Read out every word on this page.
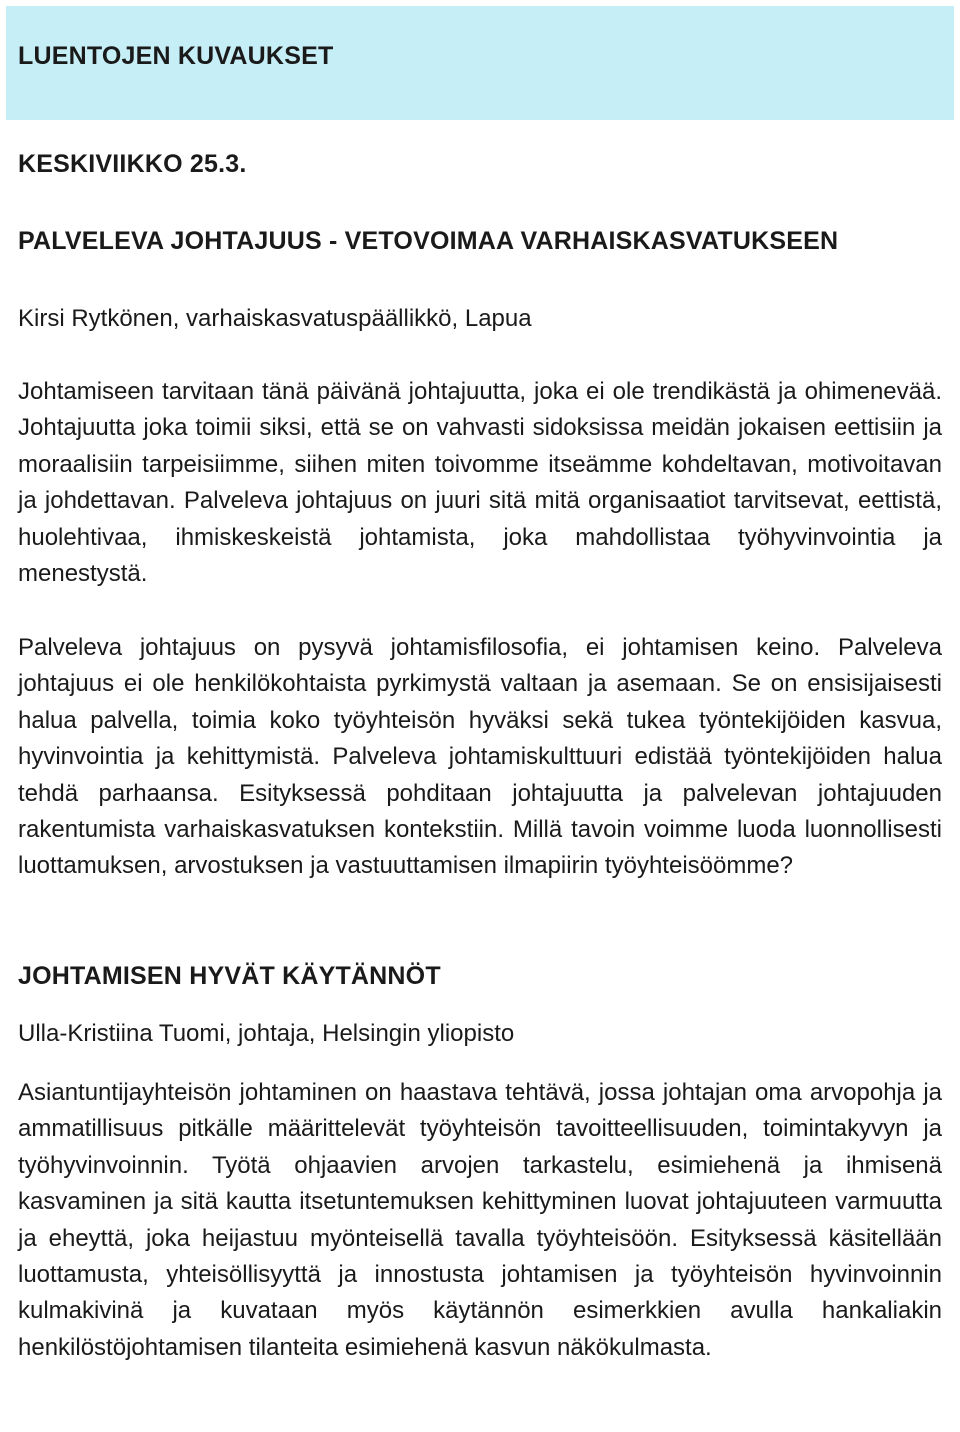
LUENTOJEN KUVAUKSET
KESKIVIIKKO 25.3.
PALVELEVA JOHTAJUUS - VETOVOIMAA VARHAISKASVATUKSEEN
Kirsi Rytkönen, varhaiskasvatuspäällikkö, Lapua

Johtamiseen tarvitaan tänä päivänä johtajuutta, joka ei ole trendikästä ja ohimenevää. Johtajuutta joka toimii siksi, että se on vahvasti sidoksissa meidän jokaisen eettisiin ja moraalisiin tarpeisiimme, siihen miten toivomme itseämme kohdeltavan, motivoitavan ja johdettavan. Palveleva johtajuus on juuri sitä mitä organisaatiot tarvitsevat, eettistä, huolehtivaa, ihmiskeskeistä johtamista, joka mahdollistaa työhyvinvointia ja menestystä.

Palveleva johtajuus on pysyvä johtamisfilosofia, ei johtamisen keino. Palveleva johtajuus ei ole henkilökohtaista pyrkimystä valtaan ja asemaan. Se on ensisijaisesti halua palvella, toimia koko työyhteisön hyväksi sekä tukea työntekijöiden kasvua, hyvinvointia ja kehittymistä. Palveleva johtamiskulttuuri edistää työntekijöiden halua tehdä parhaansa. Esityksessä pohditaan johtajuutta ja palvelevan johtajuuden rakentumista varhaiskasvatuksen kontekstiin. Millä tavoin voimme luoda luonnollisesti luottamuksen, arvostuksen ja vastuuttamisen ilmapiirin työyhteisöömme?

JOHTAMISEN HYVÄT KÄYTÄNNÖT
Ulla-Kristiina Tuomi, johtaja, Helsingin yliopisto

Asiantuntijayhteisön johtaminen on haastava tehtävä, jossa johtajan oma arvopohja ja ammatillisuus pitkälle määrittelevät työyhteisön tavoitteellisuuden, toimintakyvyn ja työhyvinvoinnin. Työtä ohjaavien arvojen tarkastelu, esimiehenä ja ihmisenä kasvaminen ja sitä kautta itsetuntemuksen kehittyminen luovat johtajuuteen varmuutta ja eheyttä, joka heijastuu myönteisellä tavalla työyhteisöön. Esityksessä käsitellään luottamusta, yhteisöllisyyttä ja innostusta johtamisen ja työyhteisön hyvinvoinnin kulmakivinä ja kuvataan myös käytännön esimerkkien avulla hankaliakin henkilöstöjohtamisen tilanteita esimiehenä kasvun näkökulmasta.
